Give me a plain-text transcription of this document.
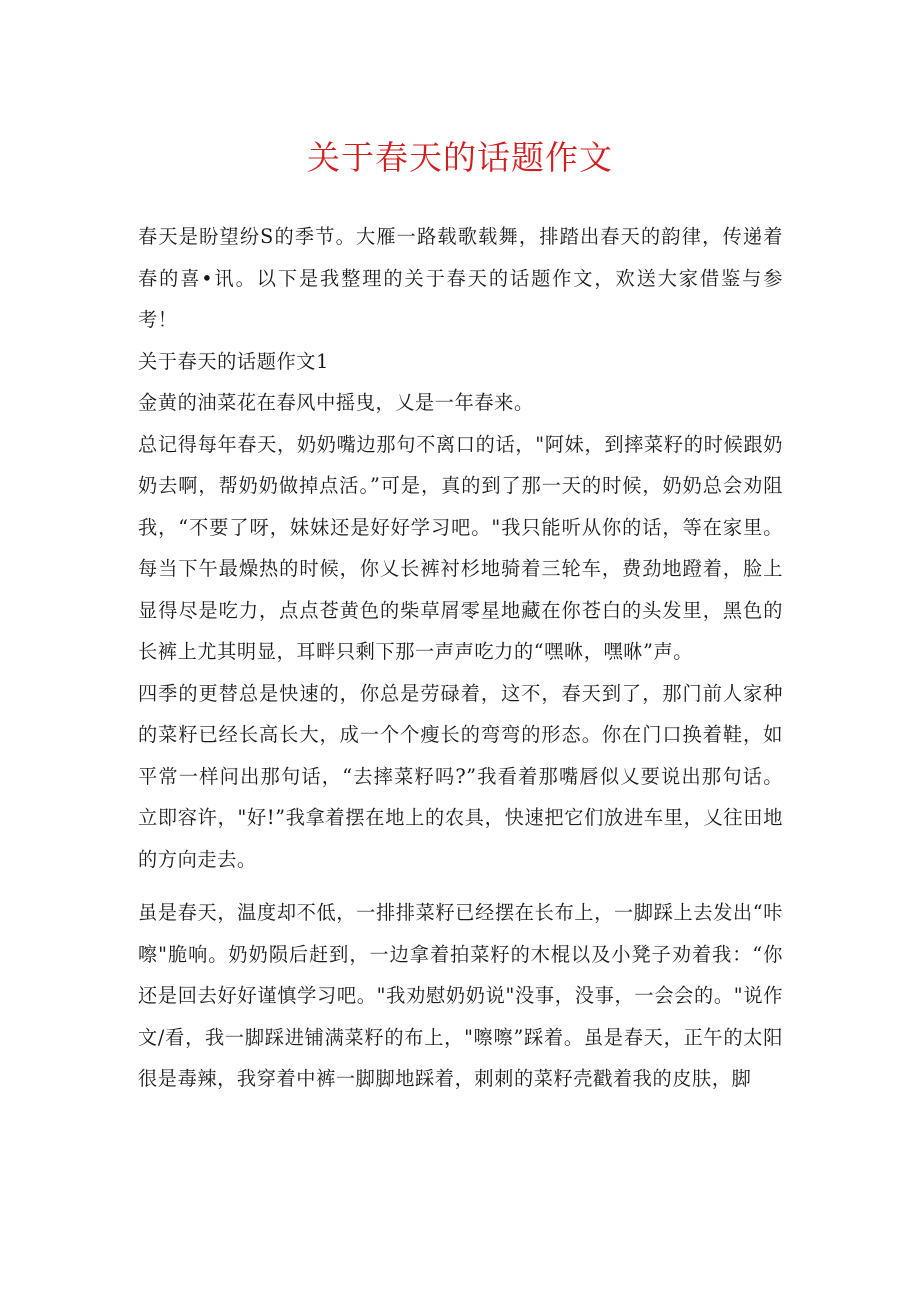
关于春天的话题作文

春天是盼望纷S的季节。大雁一路载歌载舞，排踏出春天的韵律，传递着春的喜•讯。以下是我整理的关于春天的话题作文，欢送大家借鉴与参考！

关于春天的话题作文1

金黄的油菜花在春风中摇曳，乂是一年春来。

总记得每年春天，奶奶嘴边那句不离口的话，"阿妹，到摔菜籽的时候跟奶奶去啊，帮奶奶做掉点活。”可是，真的到了那一天的时候，奶奶总会劝阻我，“不要了呀，妹妹还是好好学习吧。"我只能听从你的话，等在家里。每当下午最燥热的时候，你乂长裤衬杉地骑着三轮车，费劲地蹬着，脸上显得尽是吃力，点点苍黄色的柴草屑零星地藏在你苍白的头发里，黑色的长裤上尤其明显，耳畔只剩下那一声声吃力的“嘿咻，嘿咻”声。

四季的更替总是快速的，你总是劳碌着，这不，春天到了，那门前人家种的菜籽已经长高长大，成一个个瘦长的弯弯的形态。你在门口换着鞋，如平常一样问出那句话，“去摔菜籽吗?”我看着那嘴唇似乂要说出那句话。立即容许，"好!”我拿着摆在地上的农具，快速把它们放进车里，乂往田地的方向走去。

虽是春天，温度却不低，一排排菜籽已经摆在长布上，一脚踩上去发出“咔嚓"脆响。奶奶陨后赶到，一边拿着拍菜籽的木棍以及小凳子劝着我：“你还是回去好好谨慎学习吧。"我劝慰奶奶说"没事，没事，一会会的。"说作文/看，我一脚踩进铺满菜籽的布上，"嚓嚓”踩着。虽是春天，正午的太阳很是毒辣，我穿着中裤一脚脚地踩着，刺刺的菜籽壳戳着我的皮肤，脚
